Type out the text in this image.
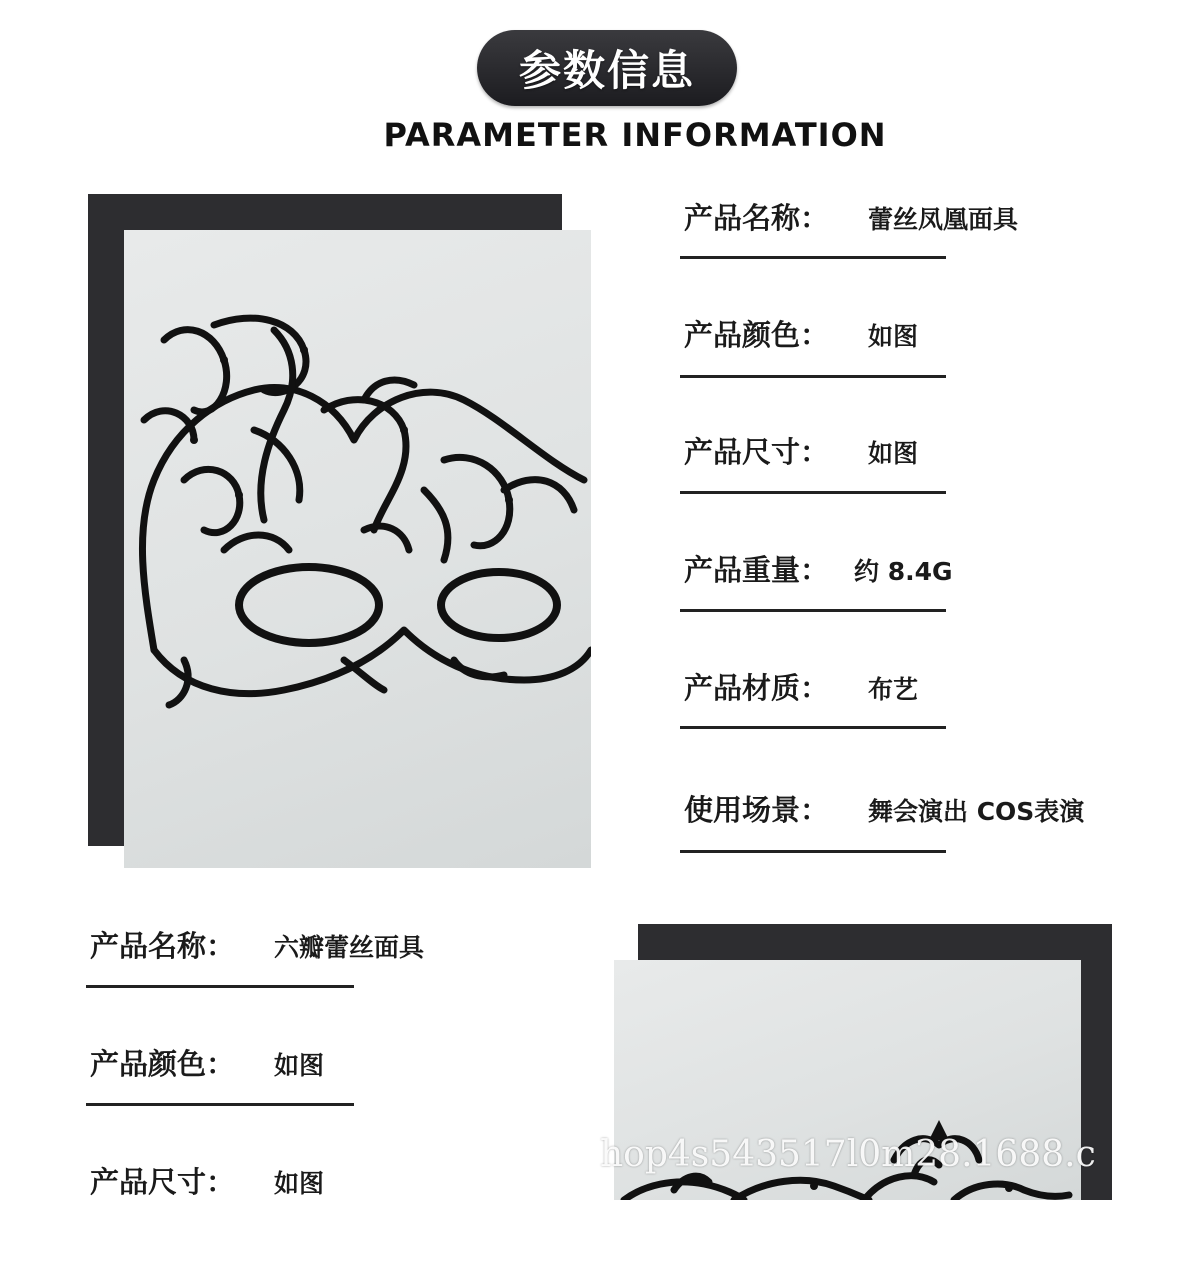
参数信息
PARAMETER INFORMATION
产品名称： 蕾丝凤凰面具
产品颜色： 如图
产品尺寸： 如图
产品重量： 约 8.4G
产品材质： 布艺
使用场景： 舞会演出 COS表演
产品名称： 六瓣蕾丝面具
产品颜色： 如图
产品尺寸： 如图
hop4s543517l0m28.1688.c
